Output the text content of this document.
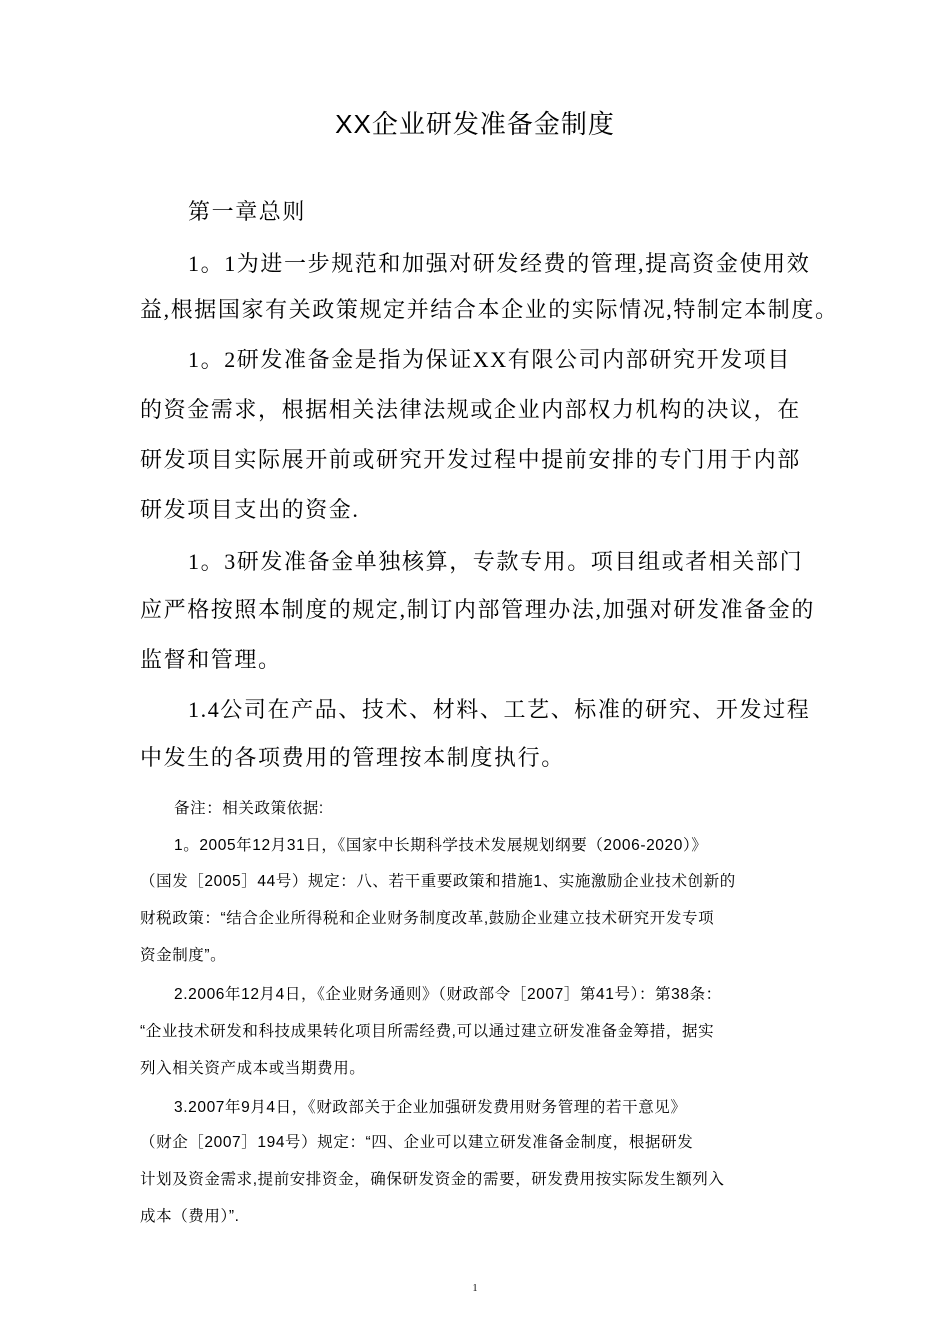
XX企业研发准备金制度
第一章总则
1。1为进一步规范和加强对研发经费的管理,提高资金使用效
益,根据国家有关政策规定并结合本企业的实际情况,特制定本制度。
1。2研发准备金是指为保证XX有限公司内部研究开发项目
的资金需求，根据相关法律法规或企业内部权力机构的决议，在
研发项目实际展开前或研究开发过程中提前安排的专门用于内部
研发项目支出的资金.
1。3研发准备金单独核算，专款专用。项目组或者相关部门
应严格按照本制度的规定,制订内部管理办法,加强对研发准备金的
监督和管理。
1.4公司在产品、技术、材料、工艺、标准的研究、开发过程
中发生的各项费用的管理按本制度执行。
备注：相关政策依据:
1。2005年12月31日，《国家中长期科学技术发展规划纲要（2006-2020）》
（国发［2005］44号）规定：八、若干重要政策和措施1、实施激励企业技术创新的
财税政策：“结合企业所得税和企业财务制度改革,鼓励企业建立技术研究开发专项
资金制度”。
2.2006年12月4日，《企业财务通则》（财政部令［2007］第41号）：第38条：
“企业技术研发和科技成果转化项目所需经费,可以通过建立研发准备金筹措，据实
列入相关资产成本或当期费用。
3.2007年9月4日，《财政部关于企业加强研发费用财务管理的若干意见》
（财企［2007］194号）规定：“四、企业可以建立研发准备金制度，根据研发
计划及资金需求,提前安排资金，确保研发资金的需要，研发费用按实际发生额列入
成本（费用）”.
1
